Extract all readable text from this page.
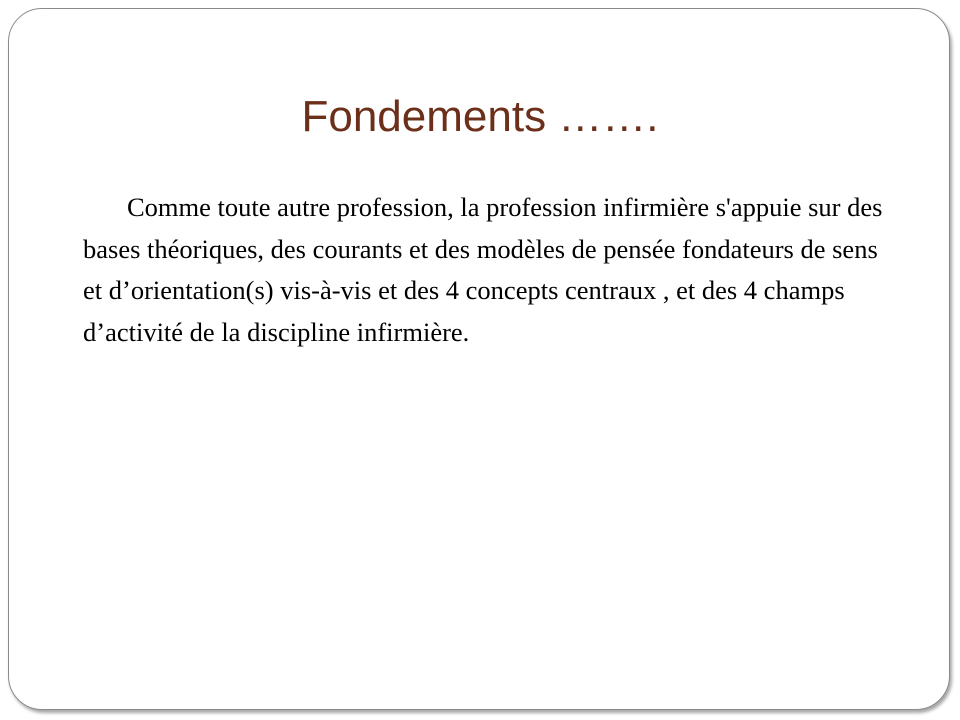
Fondements …….

Comme toute autre profession, la profession infirmière s'appuie sur des bases théoriques, des courants et des modèles de pensée fondateurs de sens et d’orientation(s) vis-à-vis et des 4 concepts centraux , et des 4 champs d’activité de la discipline infirmière.
